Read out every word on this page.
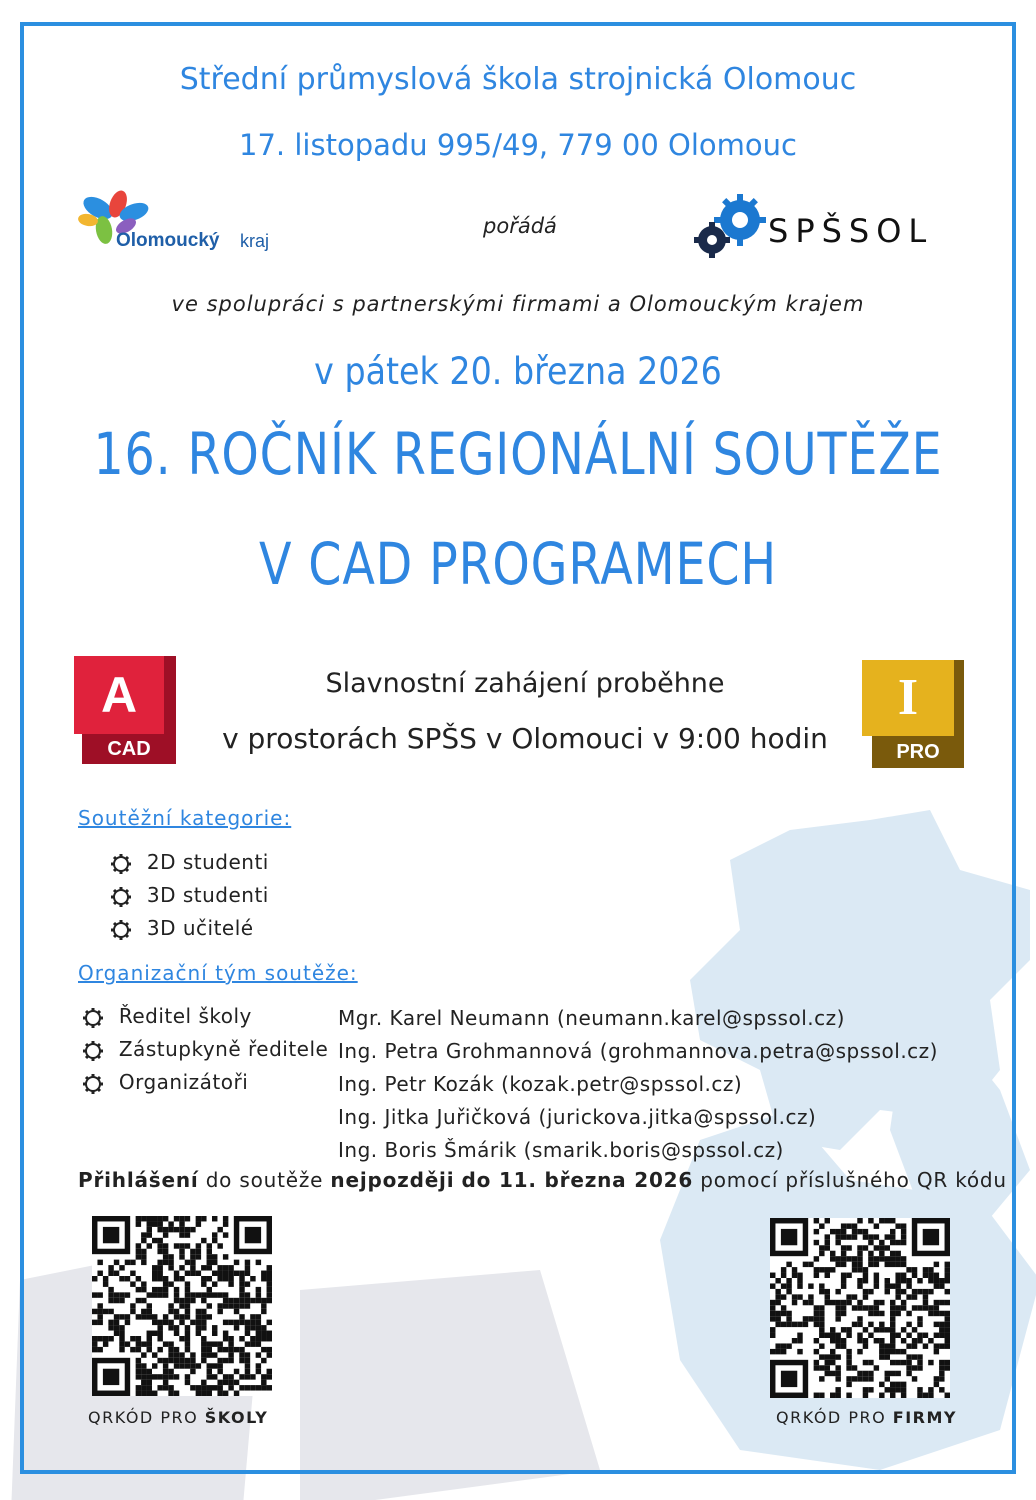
Střední průmyslová škola strojnická Olomouc
17. listopadu 995/49, 779 00 Olomouc
Olomoucký kraj
pořádá	SPŠSOL
ve spolupráci s partnerskými firmami a Olomouckým krajem
v pátek 20. března 2026
16. ROČNÍK REGIONÁLNÍ SOUTĚŽE
V CAD PROGRAMECH
A
CAD
Slavnostní zahájení proběhne
v prostorách SPŠS v Olomouci v 9:00 hodin
I
PRO
Soutěžní kategorie:
2D studenti
3D studenti
3D učitelé
Organizační tým soutěže:
Ředitel školy
Zástupkyně ředitele
Organizátoři
Mgr. Karel Neumann (neumann.karel@spssol.cz)
Ing. Petra Grohmannová (grohmannova.petra@spssol.cz)
Ing. Petr Kozák (kozak.petr@spssol.cz)
Ing. Jitka Juřičková (jurickova.jitka@spssol.cz)
Ing. Boris Šmárik (smarik.boris@spssol.cz)
Přihlášení do soutěže nejpozději do 11. března 2026 pomocí příslušného QR kódu
QRKÓD PRO ŠKOLY	QRKÓD PRO FIRMY
